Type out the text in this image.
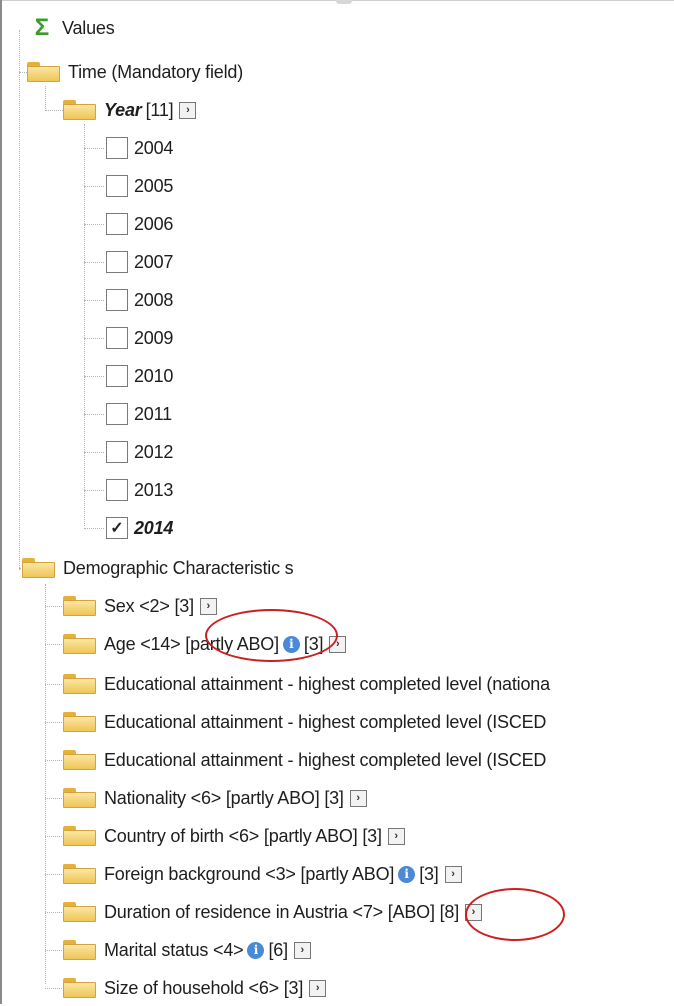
Σ Values
Time (Mandatory field)
Year [11]	›
2004
2005
2006
2007
2008
2009
2010
2011
2012
2013
✓ 2014
Demographic Characteristic s
Sex <2> [3]	›
Age <14> [partly ABO] i [3]	›
Educational attainment - highest completed level (nationa
Educational attainment - highest completed level (ISCED
Educational attainment - highest completed level (ISCED
Nationality <6> [partly ABO] [3]	›
Country of birth <6> [partly ABO] [3]	›
Foreign background <3> [partly ABO] i [3]	›
Duration of residence in Austria <7> [ABO] [8]	›
Marital status <4> i [6]	›
Size of household <6> [3]	›
